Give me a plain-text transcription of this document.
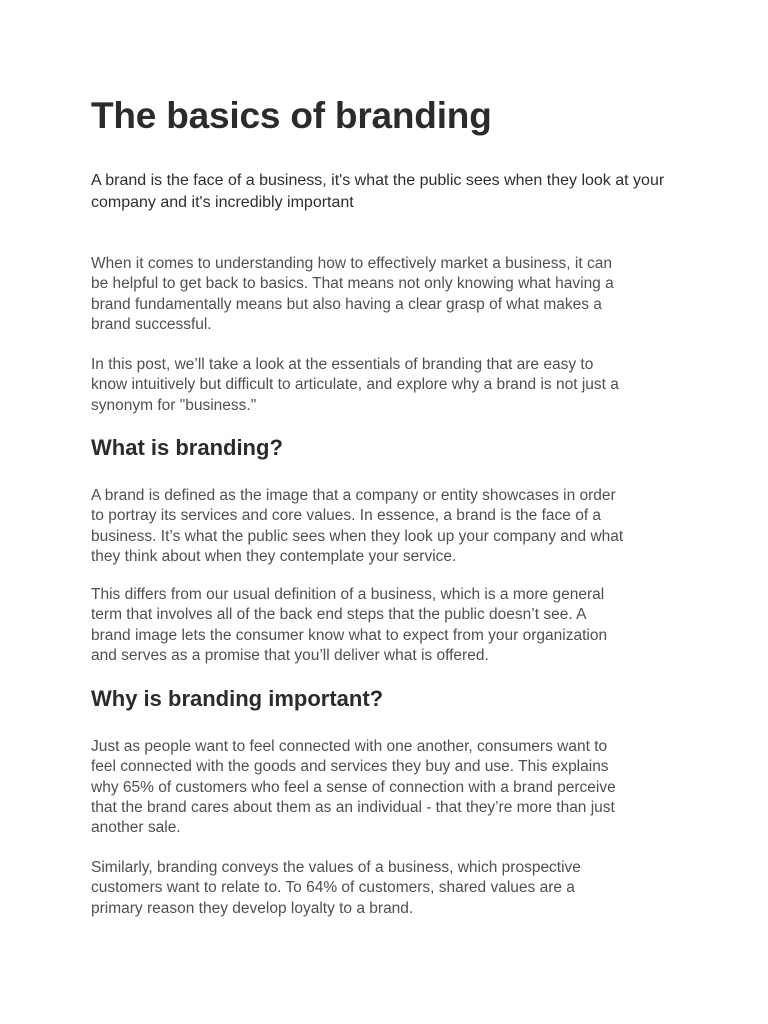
The basics of branding

A brand is the face of a business, it's what the public sees when they look at your
company and it's incredibly important

When it comes to understanding how to effectively market a business, it can
be helpful to get back to basics. That means not only knowing what having a
brand fundamentally means but also having a clear grasp of what makes a
brand successful.

In this post, we’ll take a look at the essentials of branding that are easy to
know intuitively but difficult to articulate, and explore why a brand is not just a
synonym for "business."

What is branding?

A brand is defined as the image that a company or entity showcases in order
to portray its services and core values. In essence, a brand is the face of a
business. It’s what the public sees when they look up your company and what
they think about when they contemplate your service.

This differs from our usual definition of a business, which is a more general
term that involves all of the back end steps that the public doesn’t see. A
brand image lets the consumer know what to expect from your organization
and serves as a promise that you’ll deliver what is offered.

Why is branding important?

Just as people want to feel connected with one another, consumers want to
feel connected with the goods and services they buy and use. This explains
why 65% of customers who feel a sense of connection with a brand perceive
that the brand cares about them as an individual - that they’re more than just
another sale.

Similarly, branding conveys the values of a business, which prospective
customers want to relate to. To 64% of customers, shared values are a
primary reason they develop loyalty to a brand.
